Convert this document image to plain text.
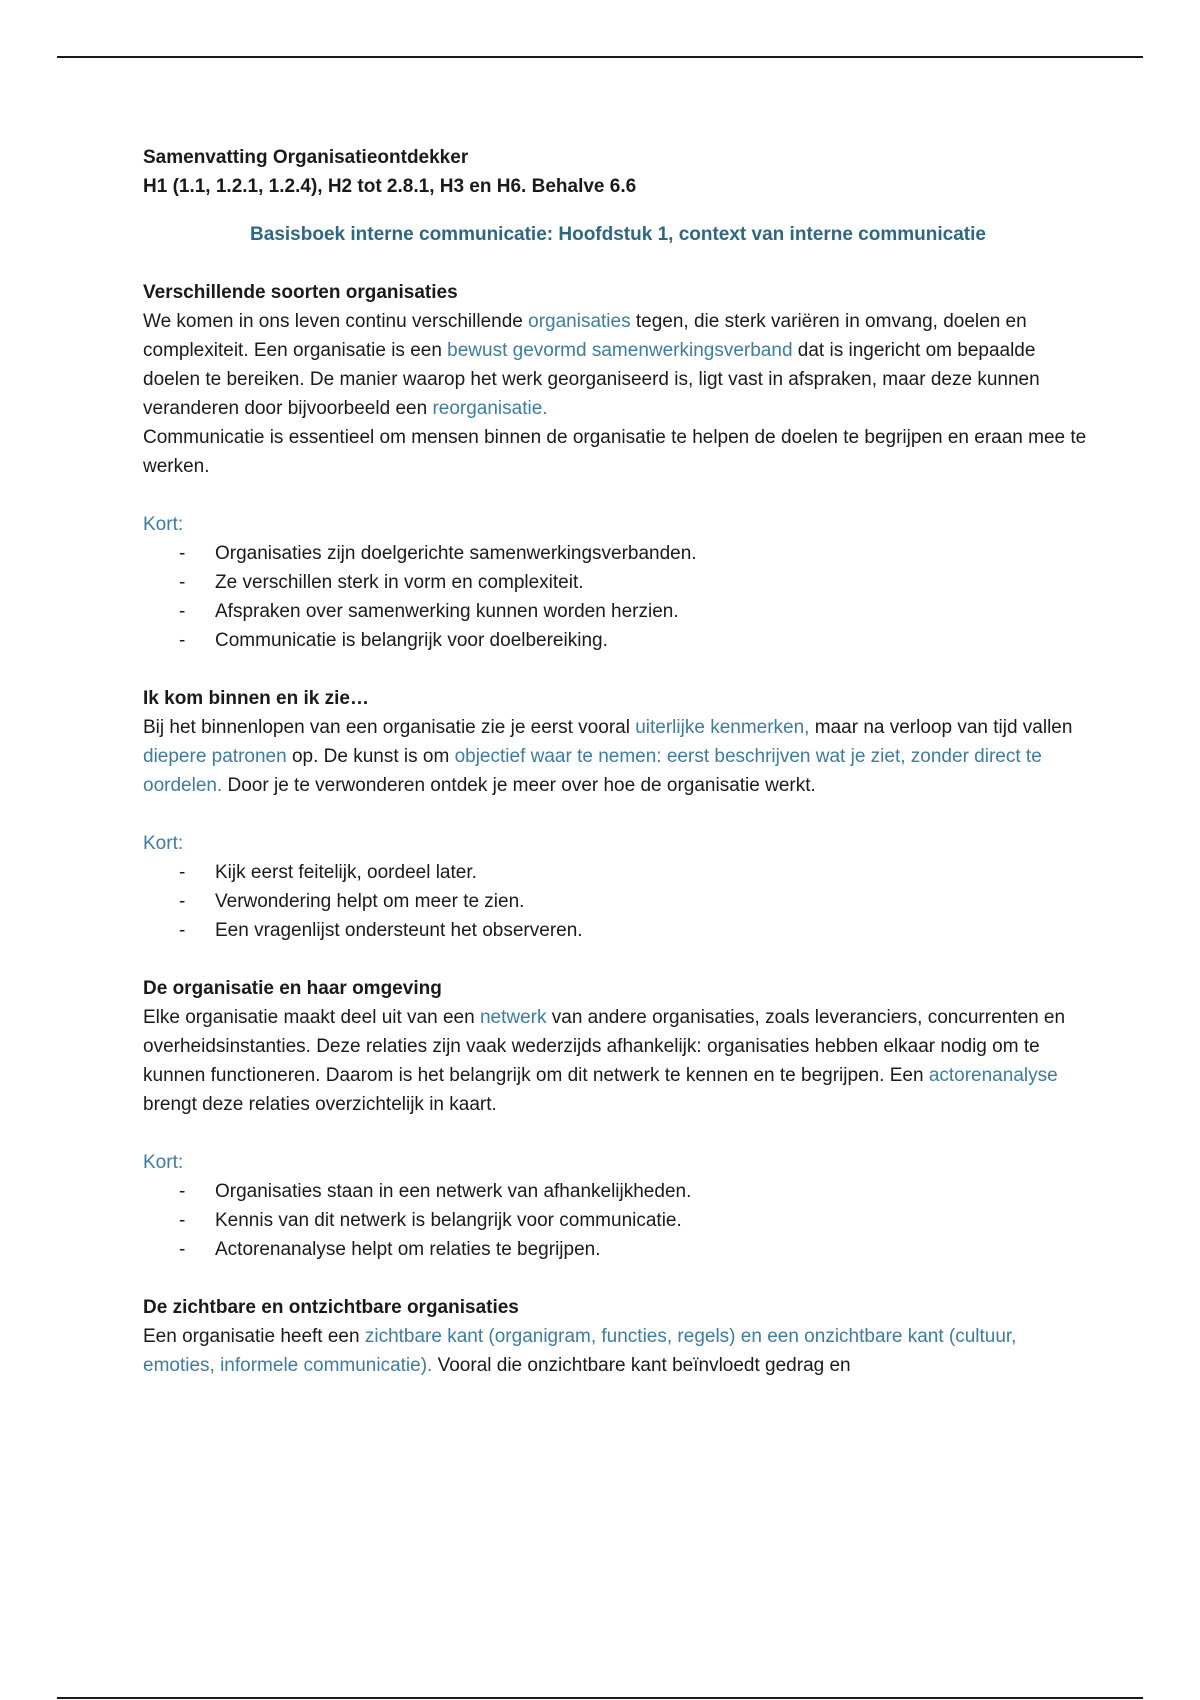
Samenvatting Organisatieontdekker
H1 (1.1, 1.2.1, 1.2.4), H2 tot 2.8.1, H3 en H6. Behalve 6.6
Basisboek interne communicatie: Hoofdstuk 1, context van interne communicatie
Verschillende soorten organisaties

We komen in ons leven continu verschillende organisaties tegen, die sterk variëren in omvang, doelen en complexiteit. Een organisatie is een bewust gevormd samenwerkingsverband dat is ingericht om bepaalde doelen te bereiken. De manier waarop het werk georganiseerd is, ligt vast in afspraken, maar deze kunnen veranderen door bijvoorbeeld een reorganisatie.

Communicatie is essentieel om mensen binnen de organisatie te helpen de doelen te begrijpen en eraan mee te werken.

Kort:
- Organisaties zijn doelgerichte samenwerkingsverbanden.
- Ze verschillen sterk in vorm en complexiteit.
- Afspraken over samenwerking kunnen worden herzien.
- Communicatie is belangrijk voor doelbereiking.
Ik kom binnen en ik zie…

Bij het binnenlopen van een organisatie zie je eerst vooral uiterlijke kenmerken, maar na verloop van tijd vallen diepere patronen op. De kunst is om objectief waar te nemen: eerst beschrijven wat je ziet, zonder direct te oordelen. Door je te verwonderen ontdek je meer over hoe de organisatie werkt.

Kort:
- Kijk eerst feitelijk, oordeel later.
- Verwondering helpt om meer te zien.
- Een vragenlijst ondersteunt het observeren.
De organisatie en haar omgeving

Elke organisatie maakt deel uit van een netwerk van andere organisaties, zoals leveranciers, concurrenten en overheidsinstanties. Deze relaties zijn vaak wederzijds afhankelijk: organisaties hebben elkaar nodig om te kunnen functioneren. Daarom is het belangrijk om dit netwerk te kennen en te begrijpen. Een actorenanalyse brengt deze relaties overzichtelijk in kaart.

Kort:
- Organisaties staan in een netwerk van afhankelijkheden.
- Kennis van dit netwerk is belangrijk voor communicatie.
- Actorenanalyse helpt om relaties te begrijpen.
De zichtbare en ontzichtbare organisaties

Een organisatie heeft een zichtbare kant (organigram, functies, regels) en een onzichtbare kant (cultuur, emoties, informele communicatie). Vooral die onzichtbare kant beïnvloedt gedrag en
